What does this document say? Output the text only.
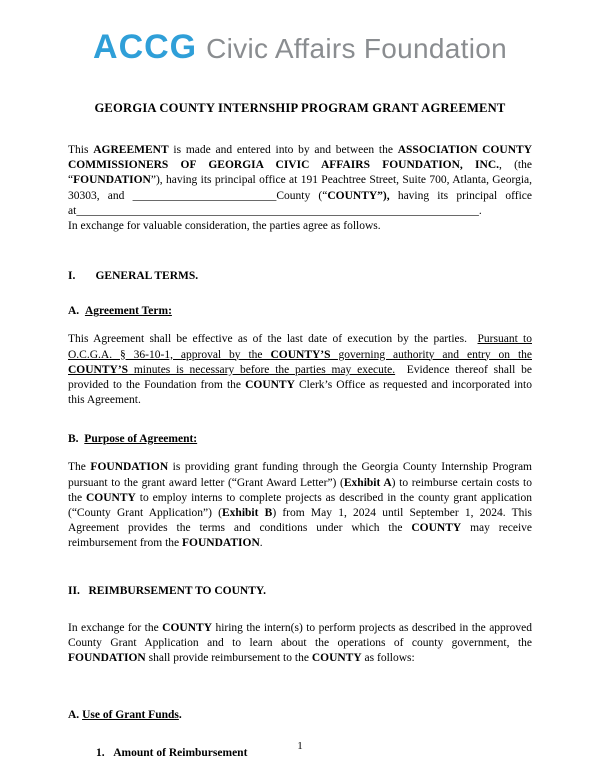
ACCG Civic Affairs Foundation
GEORGIA COUNTY INTERNSHIP PROGRAM GRANT AGREEMENT

This AGREEMENT is made and entered into by and between the ASSOCIATION COUNTY COMMISSIONERS OF GEORGIA CIVIC AFFAIRS FOUNDATION, INC., (the “FOUNDATION”), having its principal office at 191 Peachtree Street, Suite 700, Atlanta, Georgia, 30303, and _________________________County (“COUNTY”), having its principal office at______________________________________________________________________.

In exchange for valuable consideration, the parties agree as follows.

I.       GENERAL TERMS.

A.  Agreement Term:

This Agreement shall be effective as of the last date of execution by the parties.  Pursuant to O.C.G.A. § 36-10-1, approval by the COUNTY’S governing authority and entry on the COUNTY’S minutes is necessary before the parties may execute.  Evidence thereof shall be provided to the Foundation from the COUNTY Clerk’s Office as requested and incorporated into this Agreement.

B.  Purpose of Agreement:

The FOUNDATION is providing grant funding through the Georgia County Internship Program pursuant to the grant award letter (“Grant Award Letter”) (Exhibit A) to reimburse certain costs to the COUNTY to employ interns to complete projects as described in the county grant application (“County Grant Application”) (Exhibit B) from May 1, 2024 until September 1, 2024. This Agreement provides the terms and conditions under which the COUNTY may receive reimbursement from the FOUNDATION.

II.   REIMBURSEMENT TO COUNTY.

In exchange for the COUNTY hiring the intern(s) to perform projects as described in the approved County Grant Application and to learn about the operations of county government, the FOUNDATION shall provide reimbursement to the COUNTY as follows:

A. Use of Grant Funds.

1.   Amount of Reimbursement

1
